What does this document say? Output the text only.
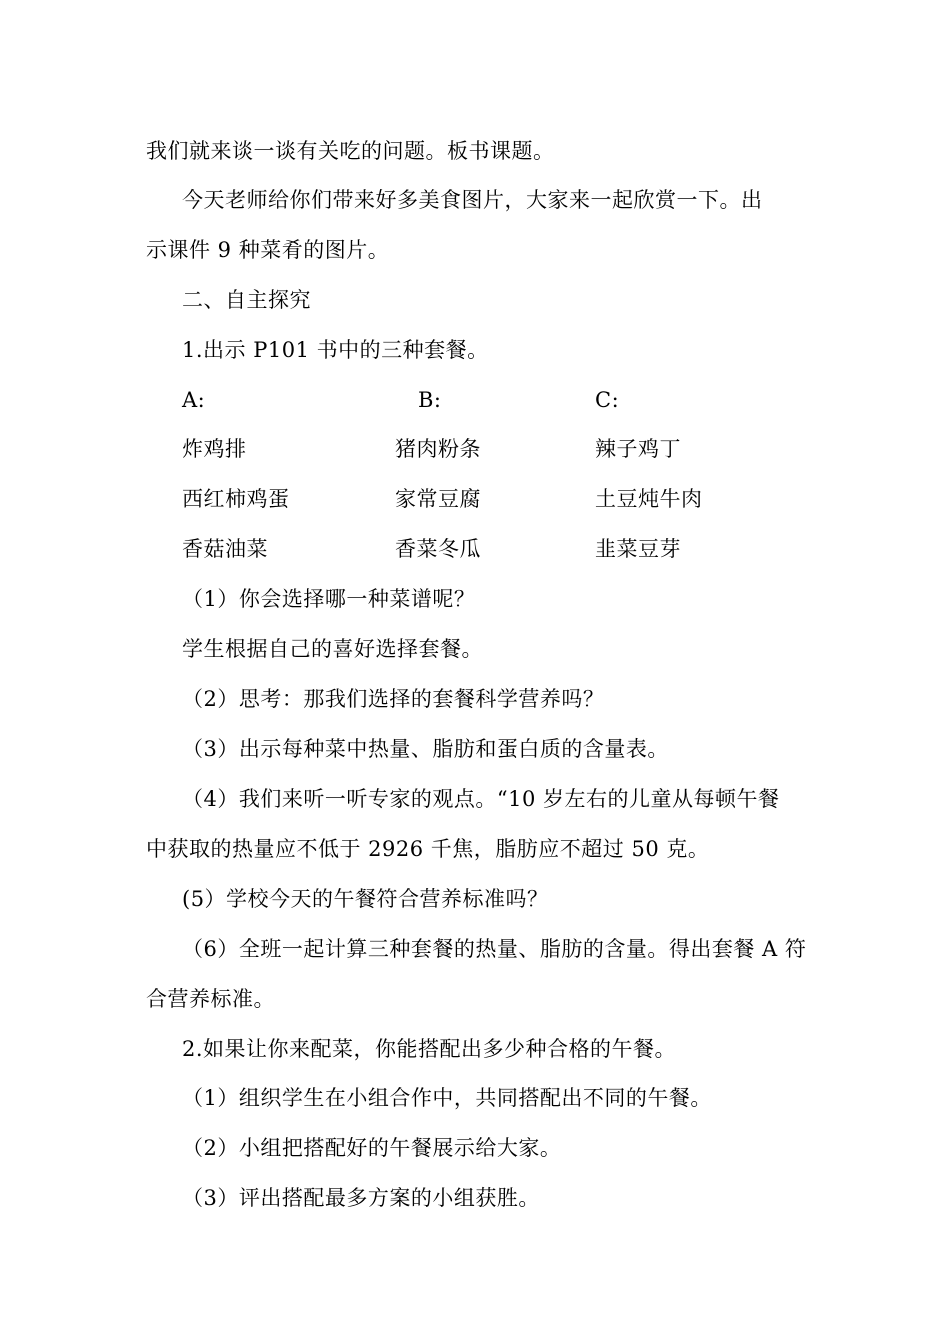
我们就来谈一谈有关吃的问题。板书课题。
今天老师给你们带来好多美食图片，大家来一起欣赏一下。出
示课件 9 种菜肴的图片。
二、自主探究
1.出示 P101 书中的三种套餐。
A:	B:	C:
炸鸡排	猪肉粉条	辣子鸡丁
西红柿鸡蛋	家常豆腐	土豆炖牛肉
香菇油菜	香菜冬瓜	韭菜豆芽
（1）你会选择哪一种菜谱呢？
学生根据自己的喜好选择套餐。
（2）思考：那我们选择的套餐科学营养吗？
（3）出示每种菜中热量、脂肪和蛋白质的含量表。
（4）我们来听一听专家的观点。“10 岁左右的儿童从每顿午餐
中获取的热量应不低于 2926 千焦，脂肪应不超过 50 克。
(5）学校今天的午餐符合营养标准吗？
（6）全班一起计算三种套餐的热量、脂肪的含量。得出套餐 A 符
合营养标准。
2.如果让你来配菜，你能搭配出多少种合格的午餐。
（1）组织学生在小组合作中，共同搭配出不同的午餐。
（2）小组把搭配好的午餐展示给大家。
（3）评出搭配最多方案的小组获胜。
